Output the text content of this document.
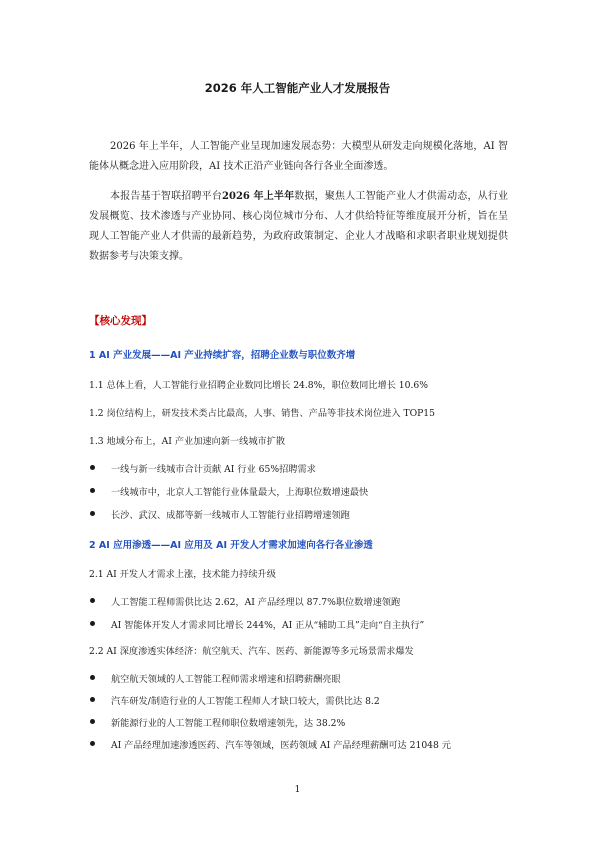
2026 年人工智能产业人才发展报告

2026 年上半年，人工智能产业呈现加速发展态势：大模型从研发走向规模化落地，AI 智能体从概念进入应用阶段，AI 技术正沿产业链向各行各业全面渗透。

本报告基于智联招聘平台2026 年上半年数据，聚焦人工智能产业人才供需动态，从行业发展概览、技术渗透与产业协同、核心岗位城市分布、人才供给特征等维度展开分析，旨在呈现人工智能产业人才供需的最新趋势，为政府政策制定、企业人才战略和求职者职业规划提供数据参考与决策支撑。

【核心发现】
1 AI 产业发展——AI 产业持续扩容，招聘企业数与职位数齐增
1.1 总体上看，人工智能行业招聘企业数同比增长 24.8%，职位数同比增长 10.6%
1.2 岗位结构上，研发技术类占比最高，人事、销售、产品等非技术岗位进入 TOP15
1.3 地域分布上，AI 产业加速向新一线城市扩散
一线与新一线城市合计贡献 AI 行业 65%招聘需求
一线城市中，北京人工智能行业体量最大，上海职位数增速最快
长沙、武汉、成都等新一线城市人工智能行业招聘增速领跑
2 AI 应用渗透——AI 应用及 AI 开发人才需求加速向各行各业渗透
2.1 AI 开发人才需求上涨，技术能力持续升级
人工智能工程师需供比达 2.62，AI 产品经理以 87.7%职位数增速领跑
AI 智能体开发人才需求同比增长 244%，AI 正从“辅助工具”走向“自主执行”
2.2 AI 深度渗透实体经济：航空航天、汽车、医药、新能源等多元场景需求爆发
航空航天领域的人工智能工程师需求增速和招聘薪酬亮眼
汽车研发/制造行业的人工智能工程师人才缺口较大，需供比达 8.2
新能源行业的人工智能工程师职位数增速领先，达 38.2%
AI 产品经理加速渗透医药、汽车等领域，医药领域 AI 产品经理薪酬可达 21048 元
1
